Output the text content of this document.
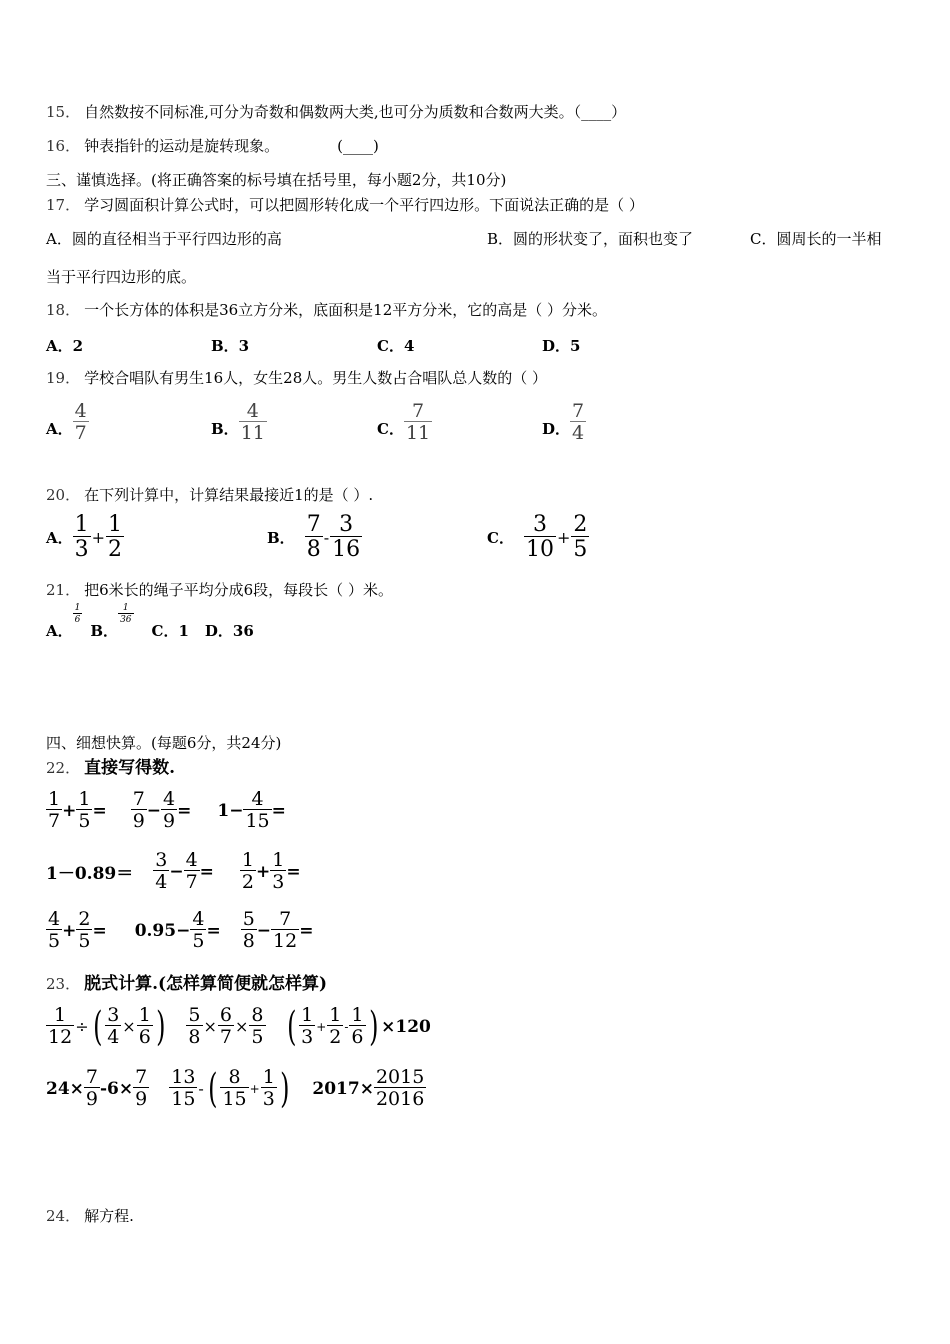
15． 自然数按不同标准,可分为奇数和偶数两大类,也可分为质数和合数两大类。（____）
16． 钟表指针的运动是旋转现象。	(____)
三、谨慎选择。(将正确答案的标号填在括号里，每小题2分，共10分)
17． 学习圆面积计算公式时，可以把圆形转化成一个平行四边形。下面说法正确的是（ ）
A．圆的直径相当于平行四边形的高	B．圆的形状变了，面积也变了	C．圆周长的一半相
当于平行四边形的底。
18． 一个长方体的体积是36立方分米，底面积是12平方分米，它的高是（ ）分米。
A．2	B．3	C．4	D．5
19． 学校合唱队有男生16人，女生28人。男生人数占合唱队总人数的（ ）
A． $\frac{4}{7}$	B． $\frac{4}{11}$	C． $\frac{7}{11}$	D． $\frac{7}{4}$
20． 在下列计算中，计算结果最接近1的是（ ）.
A． $\frac{1}{3} + \frac{1}{2}$	B． $\frac{7}{8} - \frac{3}{16}$	C． $\frac{3}{10} + \frac{2}{5}$
21． 把6米长的绳子平均分成6段，每段长（ ）米。
A．
$\frac{1}{6}$
B．
$\frac{1}{36}$
C．1 D．36
四、细想快算。(每题6分，共24分)
22． 直接写得数.
$\frac{1}{7} + \frac{1}{5} = \frac{7}{9} - \frac{4}{9} = 1- \frac{4}{15}$ =
$1-0.89= \frac{3}{4} - \frac{4}{7} = \frac{1}{2} + \frac{1}{3}$ =
$\frac{4}{5} + \frac{2}{5} = 0.95- \frac{4}{5} = \frac{5}{8} - \frac{7}{12}$ =
23． 脱式计算.(怎样算简便就怎样算)
$\frac{1}{12}$ ÷ ( $\frac{3}{4} \times \frac{1}{6}$ ) $\frac{5}{8} \times \frac{6}{7} \times \frac{8}{5}$ ( $\frac{1}{3} + \frac{1}{2} - \frac{1}{6}$ ) ×120
$24\times \frac{7}{9} -6\times \frac{7}{9} \frac{13}{15}$ - ( $\frac{8}{15} + \frac{1}{3}$ ) $2017\times \frac{2015}{2016}$
24． 解方程.
